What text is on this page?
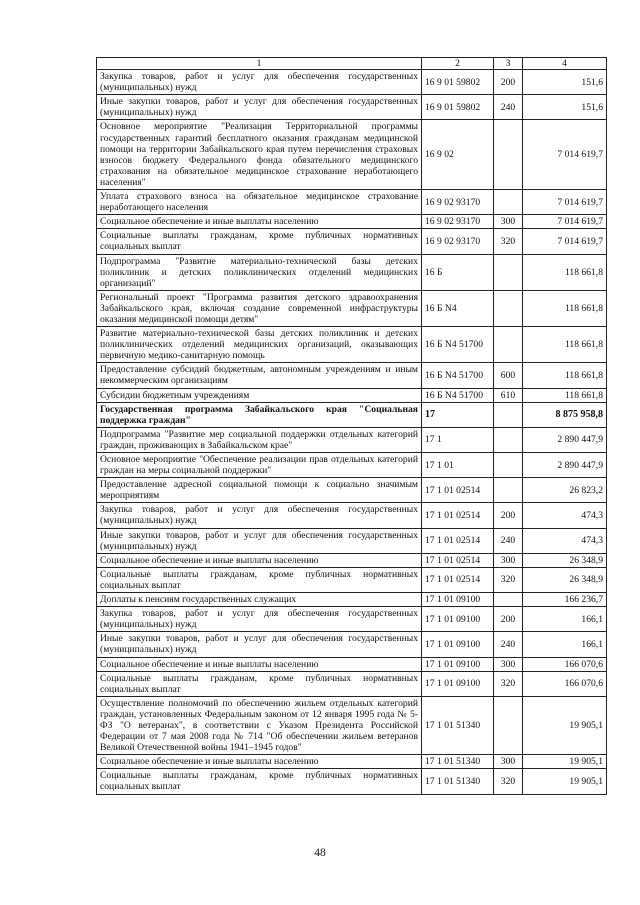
1	2	3	4
Закупка товаров, работ и услуг для обеспечения государственных (муниципальных) нужд	16 9 01 59802	200	151,6
Иные закупки товаров, работ и услуг для обеспечения государственных (муниципальных) нужд	16 9 01 59802	240	151,6
Основное мероприятие "Реализация Территориальной программы государственных гарантий бесплатного оказания гражданам медицинской помощи на территории Забайкальского края путем перечисления страховых взносов бюджету Федерального фонда обязательного медицинского страхования на обязательное медицинское страхование неработающего населения"	16 9 02		7 014 619,7
Уплата страхового взноса на обязательное медицинское страхование неработающего населения	16 9 02 93170		7 014 619,7
Социальное обеспечение и иные выплаты населению	16 9 02 93170	300	7 014 619,7
Социальные выплаты гражданам, кроме публичных нормативных социальных выплат	16 9 02 93170	320	7 014 619,7
Подпрограмма "Развитие материально-технической базы детских поликлиник и детских поликлинических отделений медицинских организаций"	16 Б		118 661,8
Региональный проект "Программа развития детского здравоохранения Забайкальского края, включая создание современной инфраструктуры оказания медицинской помощи детям"	16 Б N4		118 661,8
Развитие материально-технической базы детских поликлиник и детских поликлинических отделений медицинских организаций, оказывающих первичную медико-санитарную помощь	16 Б N4 51700		118 661,8
Предоставление субсидий бюджетным, автономным учреждениям и иным некоммерческим организациям	16 Б N4 51700	600	118 661,8
Субсидии бюджетным учреждениям	16 Б N4 51700	610	118 661,8
Государственная программа Забайкальского края "Социальная поддержка граждан"	17		8 875 958,8
Подпрограмма "Развитие мер социальной поддержки отдельных категорий граждан, проживающих в Забайкальском крае"	17 1		2 890 447,9
Основное мероприятие "Обеспечение реализации прав отдельных категорий граждан на меры социальной поддержки"	17 1 01		2 890 447,9
Предоставление адресной социальной помощи к социально значимым мероприятиям	17 1 01 02514		26 823,2
Закупка товаров, работ и услуг для обеспечения государственных (муниципальных) нужд	17 1 01 02514	200	474,3
Иные закупки товаров, работ и услуг для обеспечения государственных (муниципальных) нужд	17 1 01 02514	240	474,3
Социальное обеспечение и иные выплаты населению	17 1 01 02514	300	26 348,9
Социальные выплаты гражданам, кроме публичных нормативных социальных выплат	17 1 01 02514	320	26 348,9
Доплаты к пенсиям государственных служащих	17 1 01 09100		166 236,7
Закупка товаров, работ и услуг для обеспечения государственных (муниципальных) нужд	17 1 01 09100	200	166,1
Иные закупки товаров, работ и услуг для обеспечения государственных (муниципальных) нужд	17 1 01 09100	240	166,1
Социальное обеспечение и иные выплаты населению	17 1 01 09100	300	166 070,6
Социальные выплаты гражданам, кроме публичных нормативных социальных выплат	17 1 01 09100	320	166 070,6
Осуществление полномочий по обеспечению жильем отдельных категорий граждан, установленных Федеральным законом от 12 января 1995 года № 5-ФЗ "О ветеранах", в соответствии с Указом Президента Российской Федерации от 7 мая 2008 года № 714 "Об обеспечении жильем ветеранов Великой Отечественной войны 1941–1945 годов"	17 1 01 51340		19 905,1
Социальное обеспечение и иные выплаты населению	17 1 01 51340	300	19 905,1
Социальные выплаты гражданам, кроме публичных нормативных социальных выплат	17 1 01 51340	320	19 905,1
48
